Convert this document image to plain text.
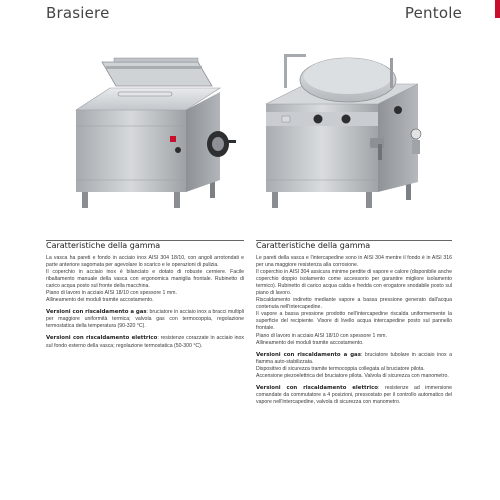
Brasiere	Pentole
Caratteristiche della gamma

La vasca ha pareti e fondo in acciaio inox AISI 304 18/10, con angoli arrotondati e parte anteriore sagomata per agevolare lo scarico e le operazioni di pulizia.

Il coperchio in acciaio inox è bilanciato e dotato di robuste cerniere. Facile ribaltamento manuale della vasca con ergonomica maniglia frontale. Rubinetto di carico acqua posto sul fronte della macchina.

Piano di lavoro in acciaio AISI 18/10 con spessore 1 mm.

Allineamento dei moduli tramite accostamento.

Versioni con riscaldamento a gas: bruciatore in acciaio inox a bracci multipli per maggiore uniformità termica; valvola gas con termocoppia, regolazione termostatica della temperatura (90-320 °C).

Versioni con riscaldamento elettrico: resistenze corazzate in acciaio inox sul fondo esterno della vasca; regolazione termostatica (50-300 °C).

Caratteristiche della gamma

Le pareti della vasca e l'intercapedine sono in AISI 304 mentre il fondo è in AISI 316 per una maggiore resistenza alla corrosione.

Il coperchio in AISI 304 assicura minime perdite di vapore e calore (disponibile anche coperchio doppio isolamento come accessorio per garantire migliore isolamento termico). Rubinetto di carico acqua calda e fredda con erogatore snodabile posto sul piano di lavoro.

Riscaldamento indiretto mediante vapore a bassa pressione generato dall'acqua contenuta nell'intercapedine.

Il vapore a bassa pressione prodotto nell'intercapedine riscalda uniformemente la superficie del recipiente. Visore di livello acqua intercapedine posto sul pannello frontale.

Piano di lavoro in acciaio AISI 18/10 con spessore 1 mm.

Allineamento dei moduli tramite accostamento.

Versioni con riscaldamento a gas: bruciatore tubolare in acciaio inox a fiamma auto-stabilizzata.

Dispositivo di sicurezza tramite termocoppia collegata al bruciatore pilota.

Accensione piezoelettrica del bruciatore pilota. Valvola di sicurezza con manometro.

Versioni con riscaldamento elettrico: resistenze ad immersione comandate da commutatore a 4 posizioni, pressostato per il controllo automatico del vapore nell'intercapedine, valvola di sicurezza con manometro.
